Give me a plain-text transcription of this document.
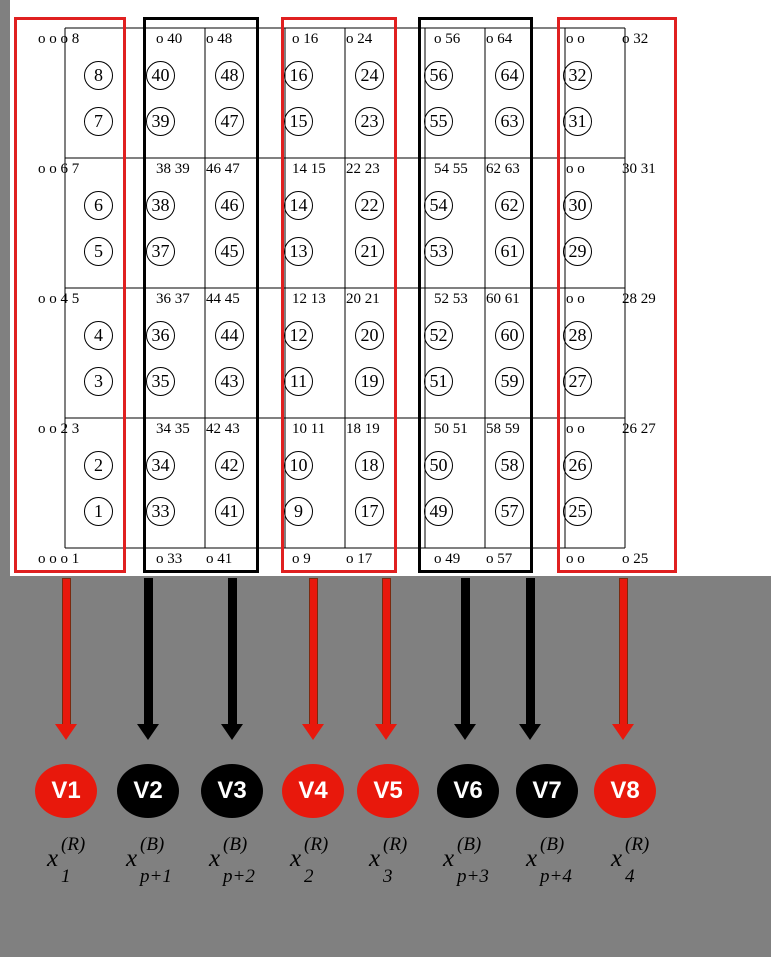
o o o 8	o 40 o 48	o 16 o 24	o 56 o 64	o o o 32
o o 6 7	38 39 46 47	14 15 22 23	54 55 62 63	o o 30 31
o o 4 5	36 37 44 45	12 13 20 21	52 53 60 61	o o 28 29
o o 2 3	34 35 42 43	10 11 18 19	50 51 58 59	o o 26 27
o o o 1	o 33 o 41	o 9 o 17	o 49 o 57	o o o 25
8
7
6
5
4
3
2
1
40
39
38
37
36
35
34
33
48
47
46
45
44
43
42
41
16
15
14
13
12
11
10
9
24
23
22
21
20
19
18
17
56
55
54
53
52
51
50
49
64
63
62
61
60
59
58
57
32
31
30
29
28
27
26
25
V1
x
(R)
1
V2
x
(B)
p+1
V3
x
(B)
p+2
V4
x
(R)
2
V5
x
(R)
3
V6
x
(B)
p+3
V7
x
(B)
p+4
V8
x
(R)
4
